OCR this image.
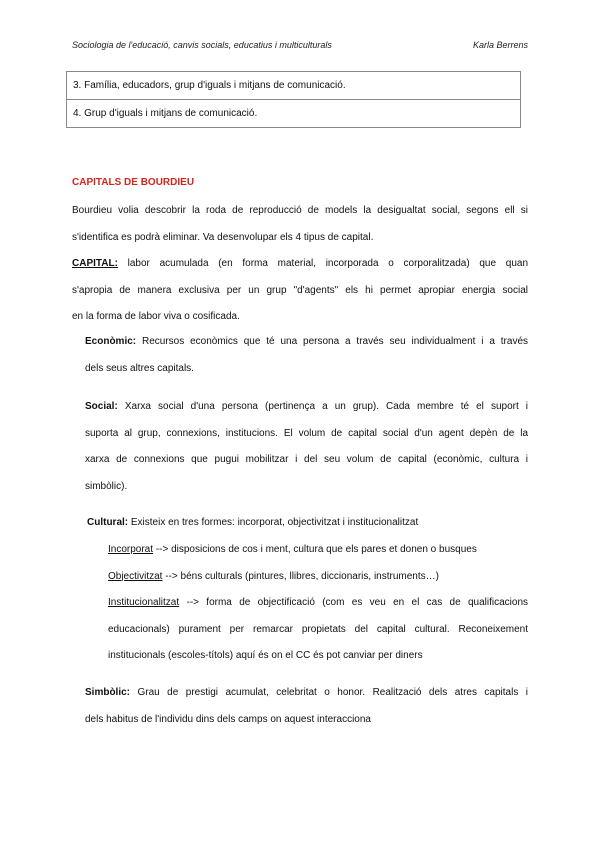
Sociologia de l'educació, canvis socials, educatius i multiculturals	Karla Berrens
3. Família, educadors, grup d'iguals i mitjans de comunicació.
4. Grup d'iguals i mitjans de comunicació.
CAPITALS DE BOURDIEU
Bourdieu volia descobrir la roda de reproducció de models la desigualtat social, segons ell si
s'identifica es podrà eliminar. Va desenvolupar els 4 tipus de capital.
CAPITAL: labor acumulada (en forma material, incorporada o corporalitzada) que quan
s'apropia de manera exclusiva per un grup "d'agents" els hi permet apropiar energia social
en la forma de labor viva o cosificada.
Econòmic: Recursos econòmics que té una persona a través seu individualment i a través
dels seus altres capitals.
Social: Xarxa social d'una persona (pertinença a un grup). Cada membre té el suport i
suporta al grup, connexions, institucions. El volum de capital social d'un agent depèn de la
xarxa de connexions que pugui mobilitzar i del seu volum de capital (econòmic, cultura i
simbòlic).
Cultural: Existeix en tres formes: incorporat, objectivitzat i institucionalitzat
Incorporat --> disposicions de cos i ment, cultura que els pares et donen o busques
Objectivitzat --> béns culturals (pintures, llibres, diccionaris, instruments…)
Institucionalitzat --> forma de objectificació (com es veu en el cas de qualificacions
educacionals) purament per remarcar propietats del capital cultural. Reconeixement
institucionals (escoles-títols) aquí és on el CC és pot canviar per diners
Simbòlic: Grau de prestigi acumulat, celebritat o honor. Realització dels atres capitals i
dels habitus de l'individu dins dels camps on aquest interacciona
